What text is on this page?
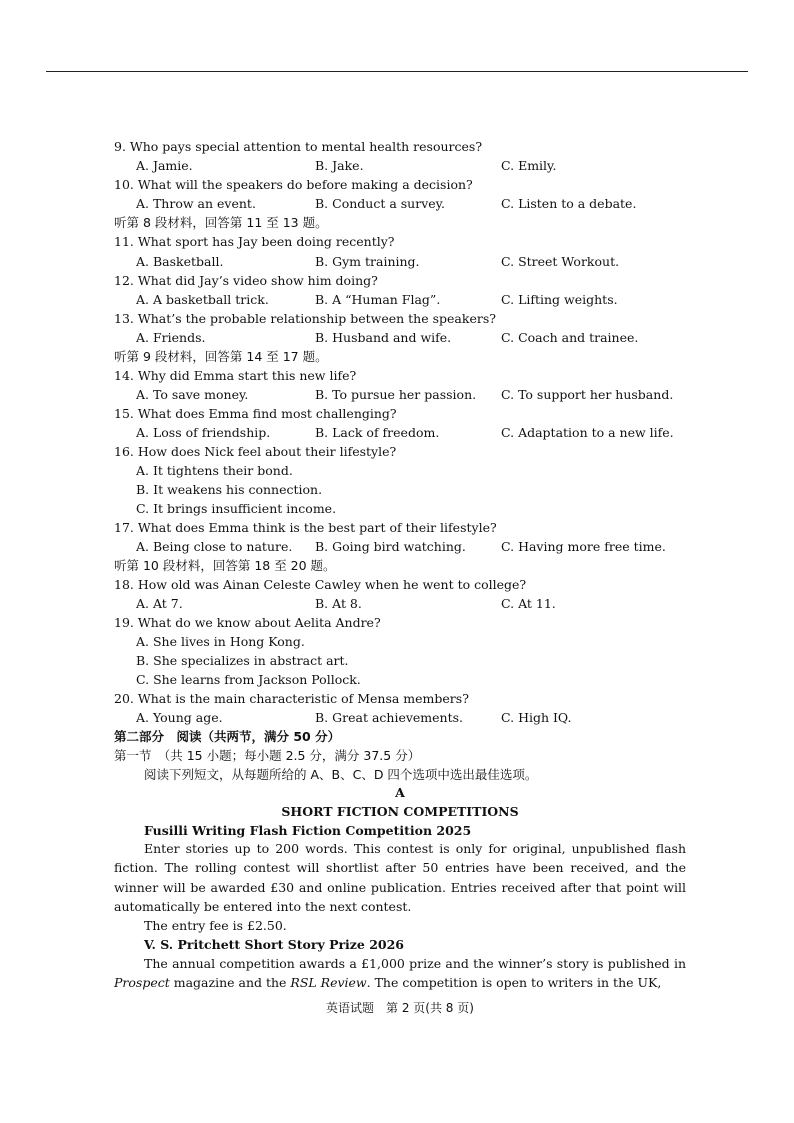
9. Who pays special attention to mental health resources?
A. Jamie.	B. Jake.	C. Emily.
10. What will the speakers do before making a decision?
A. Throw an event.	B. Conduct a survey.	C. Listen to a debate.
听第 8 段材料，回答第 11 至 13 题。
11. What sport has Jay been doing recently?
A. Basketball.	B. Gym training.	C. Street Workout.
12. What did Jay’s video show him doing?
A. A basketball trick.	B. A “Human Flag”.	C. Lifting weights.
13. What’s the probable relationship between the speakers?
A. Friends.	B. Husband and wife.	C. Coach and trainee.
听第 9 段材料，回答第 14 至 17 题。
14. Why did Emma start this new life?
A. To save money.	B. To pursue her passion. C. To support her husband.
15. What does Emma find most challenging?
A. Loss of friendship.	B. Lack of freedom.	C. Adaptation to a new life.
16. How does Nick feel about their lifestyle?
A. It tightens their bond.
B. It weakens his connection.
C. It brings insufficient income.
17. What does Emma think is the best part of their lifestyle?
A. Being close to nature. B. Going bird watching.	C. Having more free time.
听第 10 段材料，回答第 18 至 20 题。
18. How old was Ainan Celeste Cawley when he went to college?
A. At 7.	B. At 8.	C. At 11.
19. What do we know about Aelita Andre?
A. She lives in Hong Kong.
B. She specializes in abstract art.
C. She learns from Jackson Pollock.
20. What is the main characteristic of Mensa members?
A. Young age.	B. Great achievements.	C. High IQ.
第二部分　阅读（共两节，满分 50 分）
第一节　（共 15 小题；每小题 2.5 分，满分 37.5 分）
阅读下列短文，从每题所给的 A、B、C、D 四个选项中选出最佳选项。
A
SHORT FICTION COMPETITIONS
Fusilli Writing Flash Fiction Competition 2025
Enter stories up to 200 words. This contest is only for original, unpublished flash fiction. The rolling contest will shortlist after 50 entries have been received, and the winner will be awarded £30 and online publication. Entries received after that point will automatically be entered into the next contest.
The entry fee is £2.50.
V. S. Pritchett Short Story Prize 2026
The annual competition awards a £1,000 prize and the winner’s story is published in Prospect magazine and the RSL Review. The competition is open to writers in the UK,
英语试题　第 2 页(共 8 页)
